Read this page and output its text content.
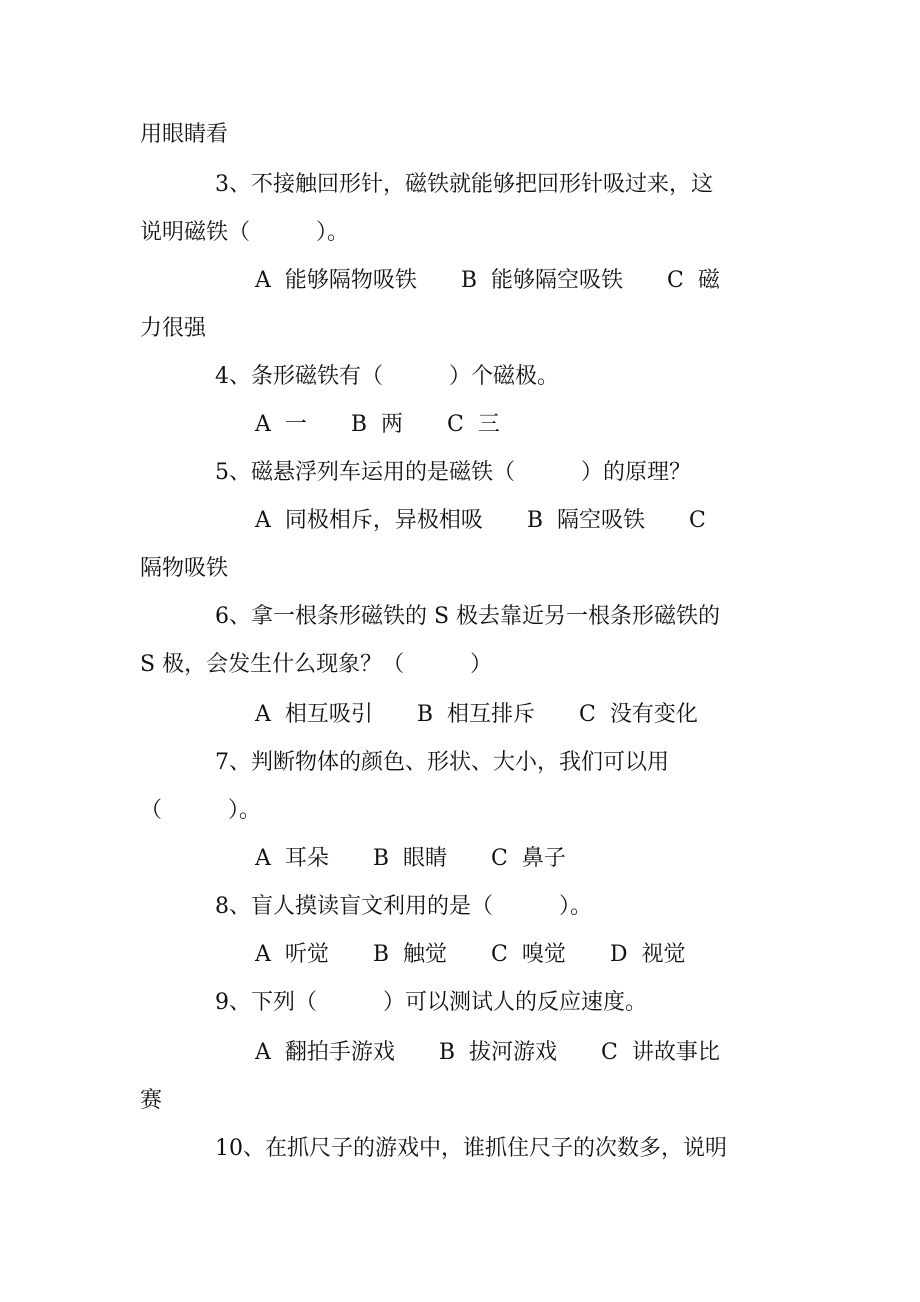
用眼睛看

3、不接触回形针，磁铁就能够把回形针吸过来，这

说明磁铁（　　　）。

A  能够隔物吸铁　　B  能够隔空吸铁　　C  磁

力很强

4、条形磁铁有（　　　）个磁极。

A  一　　B  两　　C  三

5、磁悬浮列车运用的是磁铁（　　　）的原理？

A  同极相斥，异极相吸　　B  隔空吸铁　　C

隔物吸铁

6、拿一根条形磁铁的 S 极去靠近另一根条形磁铁的

S 极，会发生什么现象？（　　　）

A  相互吸引　　B  相互排斥　　C  没有变化

7、判断物体的颜色、形状、大小，我们可以用

（　　　）。

A  耳朵　　B  眼睛　　C  鼻子

8、盲人摸读盲文利用的是（　　　）。

A  听觉　　B  触觉　　C  嗅觉　　D  视觉

9、下列（　　　）可以测试人的反应速度。

A  翻拍手游戏　　B  拔河游戏　　C  讲故事比

赛

10、在抓尺子的游戏中，谁抓住尺子的次数多，说明
